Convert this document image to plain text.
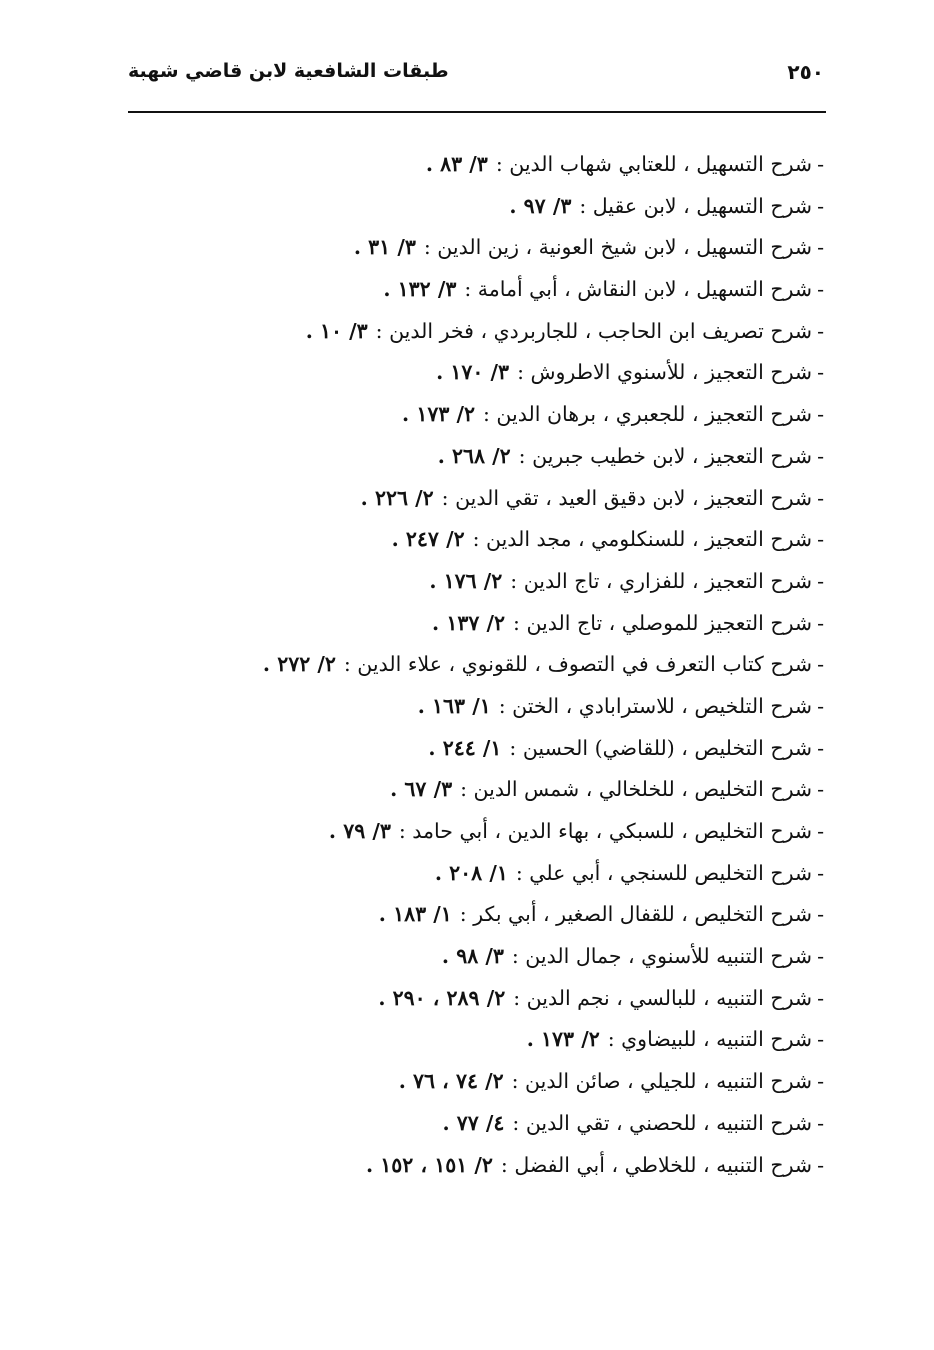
طبقات الشافعية لابن قاضي شهبة	٢٥٠
-شرح التسهيل ، للعتابي شهاب الدين :٣/ ٨٣ .
-شرح التسهيل ، لابن عقيل :٣/ ٩٧ .
-شرح التسهيل ، لابن شيخ العونية ، زين الدين :٣/ ٣١ .
-شرح التسهيل ، لابن النقاش ، أبي أمامة :٣/ ١٣٢ .
-شرح تصريف ابن الحاجب ، للجاربردي ، فخر الدين :٣/ ١٠ .
-شرح التعجيز ، للأسنوي الاطروش :٣/ ١٧٠ .
-شرح التعجيز ، للجعبري ، برهان الدين :٢/ ١٧٣ .
-شرح التعجيز ، لابن خطيب جبرين :٢/ ٢٦٨ .
-شرح التعجيز ، لابن دقيق العيد ، تقي الدين :٢/ ٢٢٦ .
-شرح التعجيز ، للسنكلومي ، مجد الدين :٢/ ٢٤٧ .
-شرح التعجيز ، للفزاري ، تاج الدين :٢/ ١٧٦ .
-شرح التعجيز للموصلي ، تاج الدين :٢/ ١٣٧ .
-شرح كتاب التعرف في التصوف ، للقونوي ، علاء الدين :٢/ ٢٧٢ .
-شرح التلخيص ، للاسترابادي ، الختن :١/ ١٦٣ .
-شرح التخليص ، (للقاضي) الحسين :١/ ٢٤٤ .
-شرح التخليص ، للخلخالي ، شمس الدين :٣/ ٦٧ .
-شرح التخليص ، للسبكي ، بهاء الدين ، أبي حامد :٣/ ٧٩ .
-شرح التخليص للسنجي ، أبي علي :١/ ٢٠٨ .
-شرح التخليص ، للقفال الصغير ، أبي بكر :١/ ١٨٣ .
-شرح التنبيه للأسنوي ، جمال الدين :٣/ ٩٨ .
-شرح التنبيه ، للبالسي ، نجم الدين :٢/ ٢٨٩ ، ٢٩٠ .
-شرح التنبيه ، للبيضاوي :٢/ ١٧٣ .
-شرح التنبيه ، للجيلي ، صائن الدين :٢/ ٧٤ ، ٧٦ .
-شرح التنبيه ، للحصني ، تقي الدين :٤/ ٧٧ .
-شرح التنبيه ، للخلاطي ، أبي الفضل :٢/ ١٥١ ، ١٥٢ .
